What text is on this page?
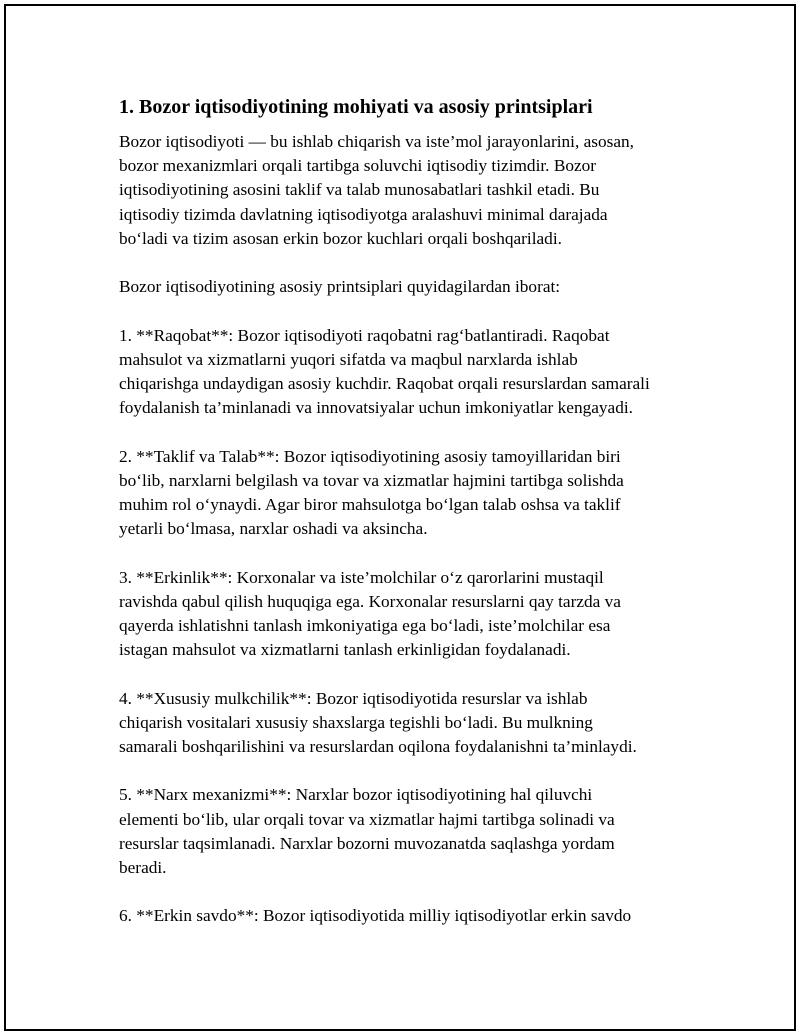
1. Bozor iqtisodiyotining mohiyati va asosiy printsiplari

Bozor iqtisodiyoti — bu ishlab chiqarish va iste’mol jarayonlarini, asosan,
bozor mexanizmlari orqali tartibga soluvchi iqtisodiy tizimdir. Bozor
iqtisodiyotining asosini taklif va talab munosabatlari tashkil etadi. Bu
iqtisodiy tizimda davlatning iqtisodiyotga aralashuvi minimal darajada
bo‘ladi va tizim asosan erkin bozor kuchlari orqali boshqariladi.

Bozor iqtisodiyotining asosiy printsiplari quyidagilardan iborat:

1. **Raqobat**: Bozor iqtisodiyoti raqobatni rag‘batlantiradi. Raqobat
mahsulot va xizmatlarni yuqori sifatda va maqbul narxlarda ishlab
chiqarishga undaydigan asosiy kuchdir. Raqobat orqali resurslardan samarali
foydalanish ta’minlanadi va innovatsiyalar uchun imkoniyatlar kengayadi.

2. **Taklif va Talab**: Bozor iqtisodiyotining asosiy tamoyillaridan biri
bo‘lib, narxlarni belgilash va tovar va xizmatlar hajmini tartibga solishda
muhim rol o‘ynaydi. Agar biror mahsulotga bo‘lgan talab oshsa va taklif
yetarli bo‘lmasa, narxlar oshadi va aksincha.

3. **Erkinlik**: Korxonalar va iste’molchilar o‘z qarorlarini mustaqil
ravishda qabul qilish huquqiga ega. Korxonalar resurslarni qay tarzda va
qayerda ishlatishni tanlash imkoniyatiga ega bo‘ladi, iste’molchilar esa
istagan mahsulot va xizmatlarni tanlash erkinligidan foydalanadi.

4. **Xususiy mulkchilik**: Bozor iqtisodiyotida resurslar va ishlab
chiqarish vositalari xususiy shaxslarga tegishli bo‘ladi. Bu mulkning
samarali boshqarilishini va resurslardan oqilona foydalanishni ta’minlaydi.

5. **Narx mexanizmi**: Narxlar bozor iqtisodiyotining hal qiluvchi
elementi bo‘lib, ular orqali tovar va xizmatlar hajmi tartibga solinadi va
resurslar taqsimlanadi. Narxlar bozorni muvozanatda saqlashga yordam
beradi.

6. **Erkin savdo**: Bozor iqtisodiyotida milliy iqtisodiyotlar erkin savdo
